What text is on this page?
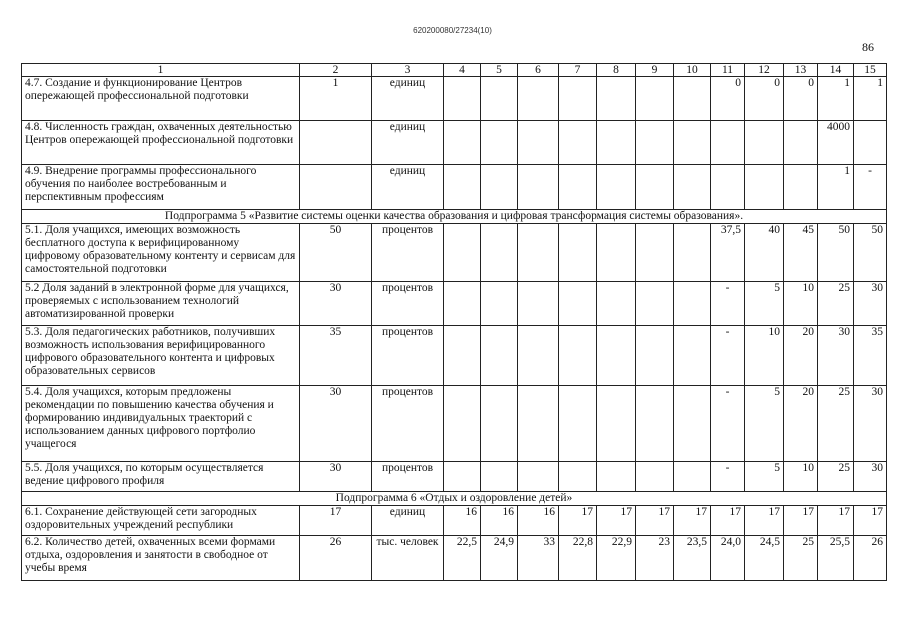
620200080/27234(10)
86
1	2	3	4	5	6	7	8	9	10	11	12	13	14	15
4.7. Создание и функционирование Центров опережающей профессиональной подготовки	1	единиц								0	0	0	1	1
4.8. Численность граждан, охваченных деятельностью Центров опережающей профессиональной подготовки		единиц											4000	
4.9. Внедрение программы профессионального обучения по наиболее востребованным и перспективным профессиям		единиц											1	-
Подпрограмма 5 «Развитие системы оценки качества образования и цифровая трансформация системы образования».														
5.1. Доля учащихся, имеющих возможность бесплатного доступа к верифицированному цифровому образовательному контенту и сервисам для самостоятельной подготовки	50	процентов								37,5	40	45	50	50
5.2 Доля заданий в электронной форме для учащихся, проверяемых с использованием технологий автоматизированной проверки	30	процентов								-	5	10	25	30
5.3. Доля педагогических работников, получивших возможность использования верифицированного цифрового образовательного контента и цифровых образовательных сервисов	35	процентов								-	10	20	30	35
5.4. Доля учащихся, которым предложены рекомендации по повышению качества обучения и формированию индивидуальных траекторий с использованием данных цифрового портфолио учащегося	30	процентов								-	5	20	25	30
5.5. Доля учащихся, по которым осуществляется ведение цифрового профиля	30	процентов								-	5	10	25	30
Подпрограмма 6 «Отдых и оздоровление детей»														
6.1. Сохранение действующей сети загородных оздоровительных учреждений республики	17	единиц	16	16	16	17	17	17	17	17	17	17	17	17
6.2. Количество детей, охваченных всеми формами отдыха, оздоровления и занятости в свободное от учебы время	26	тыс. человек	22,5	24,9	33	22,8	22,9	23	23,5	24,0	24,5	25	25,5	26
